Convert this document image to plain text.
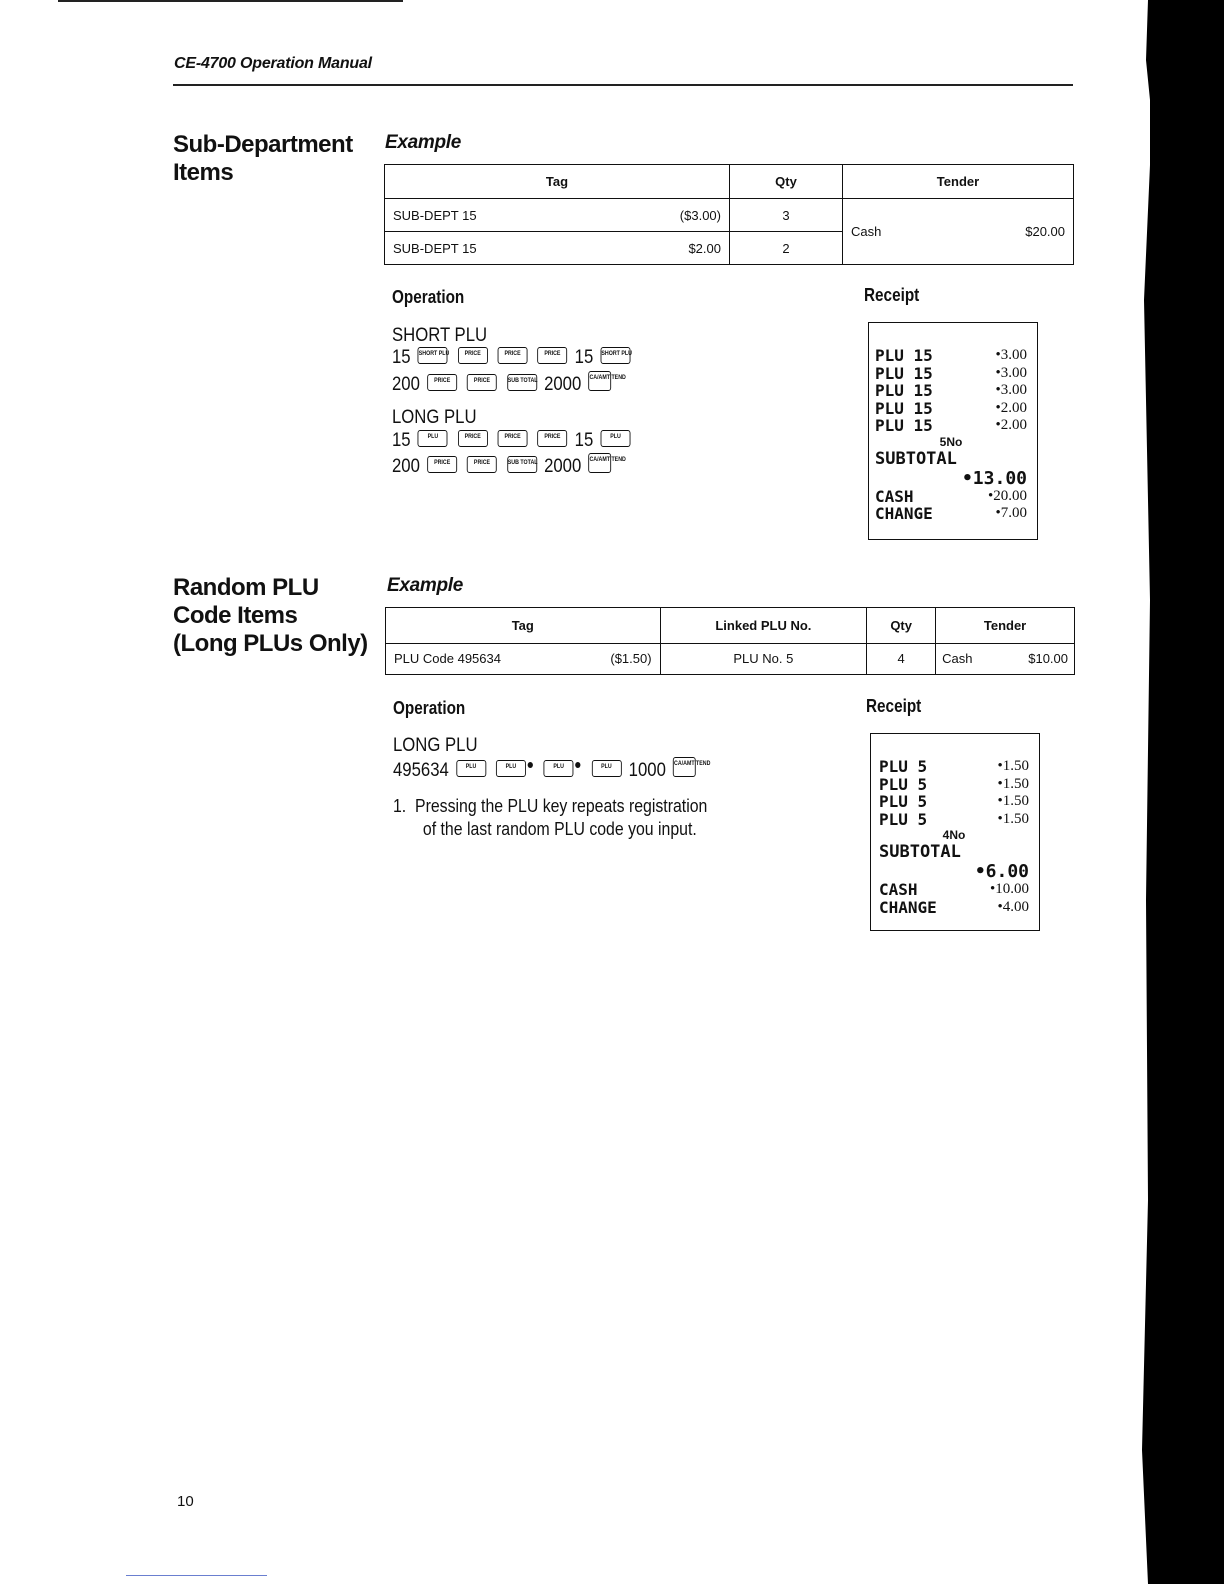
CE-4700 Operation Manual
Sub-Department
Items
Example
Tag	Qty	Tender

SUB-DEPT 15 ($3.00)	3	Cash $20.00

SUB-DEPT 15 $2.00	2	
Operation	Receipt
SHORT PLU
15 SHORT PLU
	PRICE
	PRICE
	PRICE 15 SHORT PLU
200	PRICE
	PRICE
	SUB TOTAL 2000 CA/AMT TEND
LONG PLU
15	PLU
	PRICE
	PRICE
	PRICE 15	PLU
200	PRICE
	PRICE
	SUB TOTAL 2000 CA/AMT TEND
PLU 15	•3.00
PLU 15	•3.00
PLU 15	•3.00
PLU 15	•2.00
PLU 15	•2.00
5No
SUBTOTAL
•13.00
CASH	•20.00
CHANGE	•7.00
Random PLU
Code Items
(Long PLUs Only)
Example
Tag	Linked PLU No.	Qty	Tender

PLU Code 495634 ($1.50)	PLU No. 5	4	Cash $10.00
Operation	Receipt
LONG PLU
495634	PLU
	PLU
	PLU
	PLU 1000 CA/AMT TEND
1. Pressing the PLU key repeats registration
of the last random PLU code you input.
PLU 5	•1.50
PLU 5	•1.50
PLU 5	•1.50
PLU 5	•1.50
4No
SUBTOTAL
•6.00
CASH	•10.00
CHANGE	•4.00
10
